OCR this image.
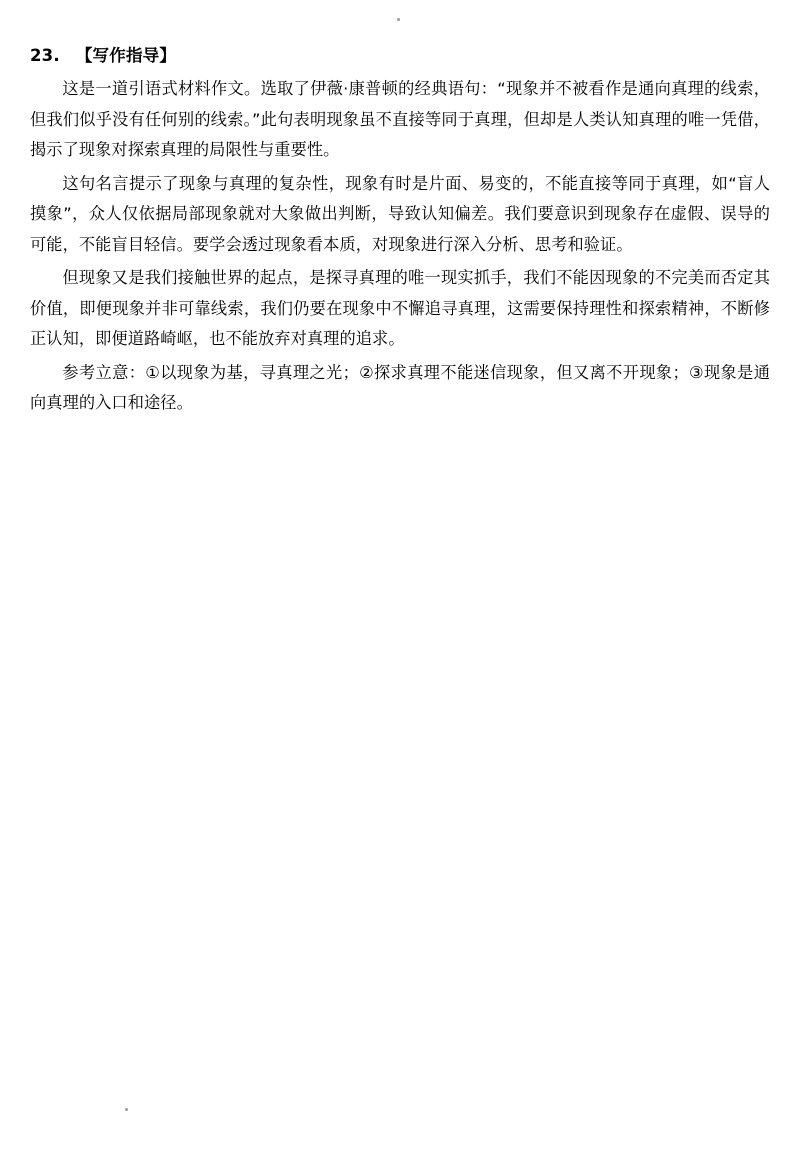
23. 【写作指导】

这是一道引语式材料作文。选取了伊薇·康普顿的经典语句：“现象并不被看作是通向真理的线索，但我们似乎没有任何别的线索。”此句表明现象虽不直接等同于真理，但却是人类认知真理的唯一凭借，揭示了现象对探索真理的局限性与重要性。

这句名言提示了现象与真理的复杂性，现象有时是片面、易变的，不能直接等同于真理，如“盲人摸象”，众人仅依据局部现象就对大象做出判断，导致认知偏差。我们要意识到现象存在虚假、误导的可能，不能盲目轻信。要学会透过现象看本质，对现象进行深入分析、思考和验证。

但现象又是我们接触世界的起点，是探寻真理的唯一现实抓手，我们不能因现象的不完美而否定其价值，即便现象并非可靠线索，我们仍要在现象中不懈追寻真理，这需要保持理性和探索精神，不断修正认知，即便道路崎岖，也不能放弃对真理的追求。

参考立意：①以现象为基，寻真理之光；②探求真理不能迷信现象，但又离不开现象；③现象是通向真理的入口和途径。
